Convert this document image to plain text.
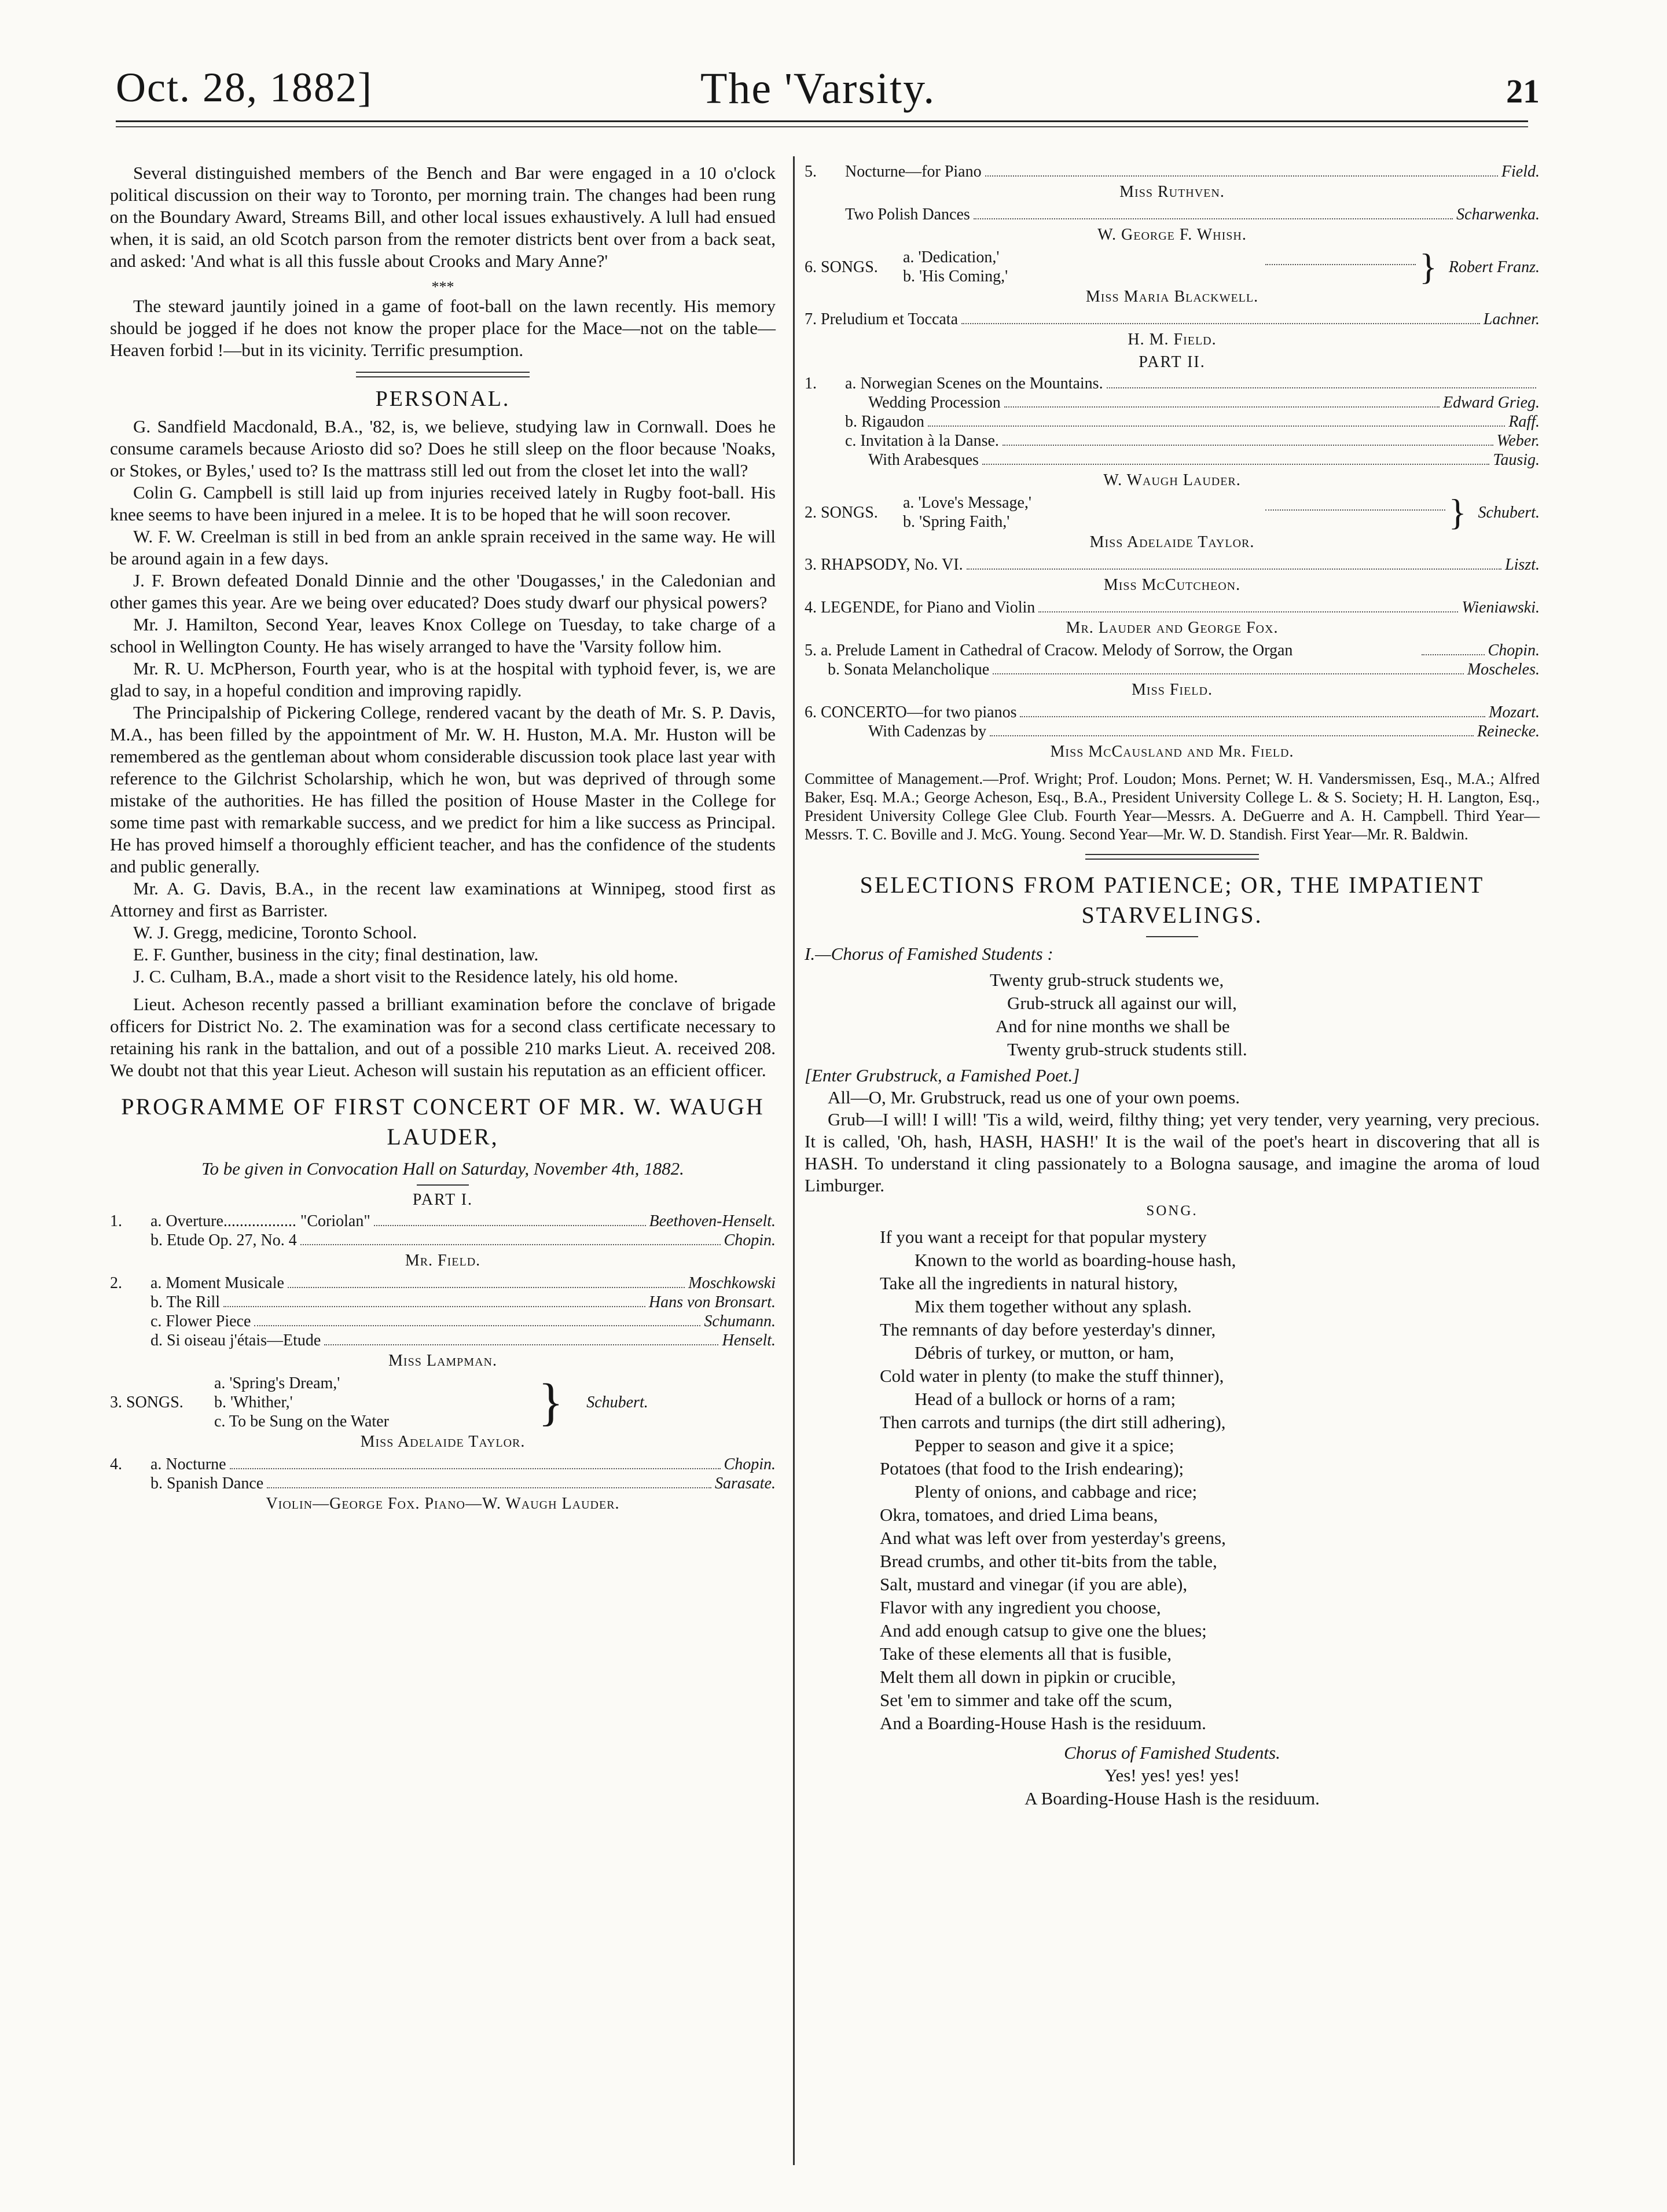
Oct. 28, 1882]	The 'Varsity.	21

Several distinguished members of the Bench and Bar were engaged in a 10 o'clock political discussion on their way to Toronto, per morning train. The changes had been rung on the Boundary Award, Streams Bill, and other local issues exhaustively. A lull had ensued when, it is said, an old Scotch parson from the remoter districts bent over from a back seat, and asked: 'And what is all this fussle about Crooks and Mary Anne?'

***

The steward jauntily joined in a game of foot-ball on the lawn recently. His memory should be jogged if he does not know the proper place for the Mace—not on the table—Heaven forbid !—but in its vicinity. Terrific presumption.

PERSONAL.

G. Sandfield Macdonald, B.A., '82, is, we believe, studying law in Cornwall. Does he consume caramels because Ariosto did so? Does he still sleep on the floor because 'Noaks, or Stokes, or Byles,' used to? Is the mattrass still led out from the closet let into the wall?

Colin G. Campbell is still laid up from injuries received lately in Rugby foot-ball. His knee seems to have been injured in a melee. It is to be hoped that he will soon recover.

W. F. W. Creelman is still in bed from an ankle sprain received in the same way. He will be around again in a few days.

J. F. Brown defeated Donald Dinnie and the other 'Dougasses,' in the Caledonian and other games this year. Are we being over educated? Does study dwarf our physical powers?

Mr. J. Hamilton, Second Year, leaves Knox College on Tuesday, to take charge of a school in Wellington County. He has wisely arranged to have the 'Varsity follow him.

Mr. R. U. McPherson, Fourth year, who is at the hospital with typhoid fever, is, we are glad to say, in a hopeful condition and improving rapidly.

The Principalship of Pickering College, rendered vacant by the death of Mr. S. P. Davis, M.A., has been filled by the appointment of Mr. W. H. Huston, M.A. Mr. Huston will be remembered as the gentleman about whom considerable discussion took place last year with reference to the Gilchrist Scholarship, which he won, but was deprived of through some mistake of the authorities. He has filled the position of House Master in the College for some time past with remarkable success, and we predict for him a like success as Principal. He has proved himself a thoroughly efficient teacher, and has the confidence of the students and public generally.

Mr. A. G. Davis, B.A., in the recent law examinations at Winnipeg, stood first as Attorney and first as Barrister.

W. J. Gregg, medicine, Toronto School.

E. F. Gunther, business in the city; final destination, law.

J. C. Culham, B.A., made a short visit to the Residence lately, his old home.

Lieut. Acheson recently passed a brilliant examination before the conclave of brigade officers for District No. 2. The examination was for a second class certificate necessary to retaining his rank in the battalion, and out of a possible 210 marks Lieut. A. received 208. We doubt not that this year Lieut. Acheson will sustain his reputation as an efficient officer.

PROGRAMME OF FIRST CONCERT OF MR. W. WAUGH LAUDER,
To be given in Convocation Hall on Saturday, November 4th, 1882.
PART I.
1.	a. Overture.................. "Coriolan"	Beethoven-Henselt.
b. Etude Op. 27, No. 4	Chopin.
Mr. Field.
2.	a. Moment Musicale	Moschkowski
b. The Rill	Hans von Bronsart.
c. Flower Piece	Schumann.
d. Si oiseau j'étais—Etude	Henselt.
Miss Lampman.
3. SONGS.
a. 'Spring's Dream,'
b. 'Whither,'
c. To be Sung on the Water	} Schubert.
Miss Adelaide Taylor.
4.	a. Nocturne	Chopin.
b. Spanish Dance	Sarasate.
Violin—George Fox. Piano—W. Waugh Lauder.
5.	Nocturne—for Piano	Field.
Miss Ruthven.
Two Polish Dances	Scharwenka.
W. George F. Whish.
6. SONGS.
a. 'Dedication,'
b. 'His Coming,'	} Robert Franz.
Miss Maria Blackwell.
7. Preludium et Toccata	Lachner.
H. M. Field.
PART II.
1.	a. Norwegian Scenes on the Mountains.
Wedding Procession	Edward Grieg.
b. Rigaudon	Raff.
c. Invitation à la Danse.	Weber.
With Arabesques	Tausig.
W. Waugh Lauder.
2. SONGS.
a. 'Love's Message,'
b. 'Spring Faith,'	} Schubert.
Miss Adelaide Taylor.
3. RHAPSODY, No. VI.	Liszt.
Miss McCutcheon.
4. LEGENDE, for Piano and Violin	Wieniawski.
Mr. Lauder and George Fox.
5. a. Prelude Lament in Cathedral of Cracow. Melody of Sorrow, the Organ	Chopin.
b. Sonata Melancholique	Moscheles.
Miss Field.
6. CONCERTO—for two pianos	Mozart.
With Cadenzas by	Reinecke.
Miss McCausland and Mr. Field.
Committee of Management.—Prof. Wright; Prof. Loudon; Mons. Pernet; W. H. Vandersmissen, Esq., M.A.; Alfred Baker, Esq. M.A.; George Acheson, Esq., B.A., President University College L. & S. Society; H. H. Langton, Esq., President University College Glee Club. Fourth Year—Messrs. A. DeGuerre and A. H. Campbell. Third Year—Messrs. T. C. Boville and J. McG. Young. Second Year—Mr. W. D. Standish. First Year—Mr. R. Baldwin.
SELECTIONS FROM PATIENCE; OR, THE IMPATIENT STARVELINGS.
I.—Chorus of Famished Students :
Twenty grub-struck students we,
Grub-struck all against our will,
And for nine months we shall be
Twenty grub-struck students still.
[Enter Grubstruck, a Famished Poet.]

All—O, Mr. Grubstruck, read us one of your own poems.

Grub—I will! I will! 'Tis a wild, weird, filthy thing; yet very tender, very yearning, very precious. It is called, 'Oh, hash, HASH, HASH!' It is the wail of the poet's heart in discovering that all is HASH. To understand it cling passionately to a Bologna sausage, and imagine the aroma of loud Limburger.

SONG.
If you want a receipt for that popular mystery
Known to the world as boarding-house hash,
Take all the ingredients in natural history,
Mix them together without any splash.
The remnants of day before yesterday's dinner,
Débris of turkey, or mutton, or ham,
Cold water in plenty (to make the stuff thinner),
Head of a bullock or horns of a ram;
Then carrots and turnips (the dirt still adhering),
Pepper to season and give it a spice;
Potatoes (that food to the Irish endearing);
Plenty of onions, and cabbage and rice;
Okra, tomatoes, and dried Lima beans,
And what was left over from yesterday's greens,
Bread crumbs, and other tit-bits from the table,
Salt, mustard and vinegar (if you are able),
Flavor with any ingredient you choose,
And add enough catsup to give one the blues;
Take of these elements all that is fusible,
Melt them all down in pipkin or crucible,
Set 'em to simmer and take off the scum,
And a Boarding-House Hash is the residuum.
Chorus of Famished Students.
Yes! yes! yes! yes!
A Boarding-House Hash is the residuum.
